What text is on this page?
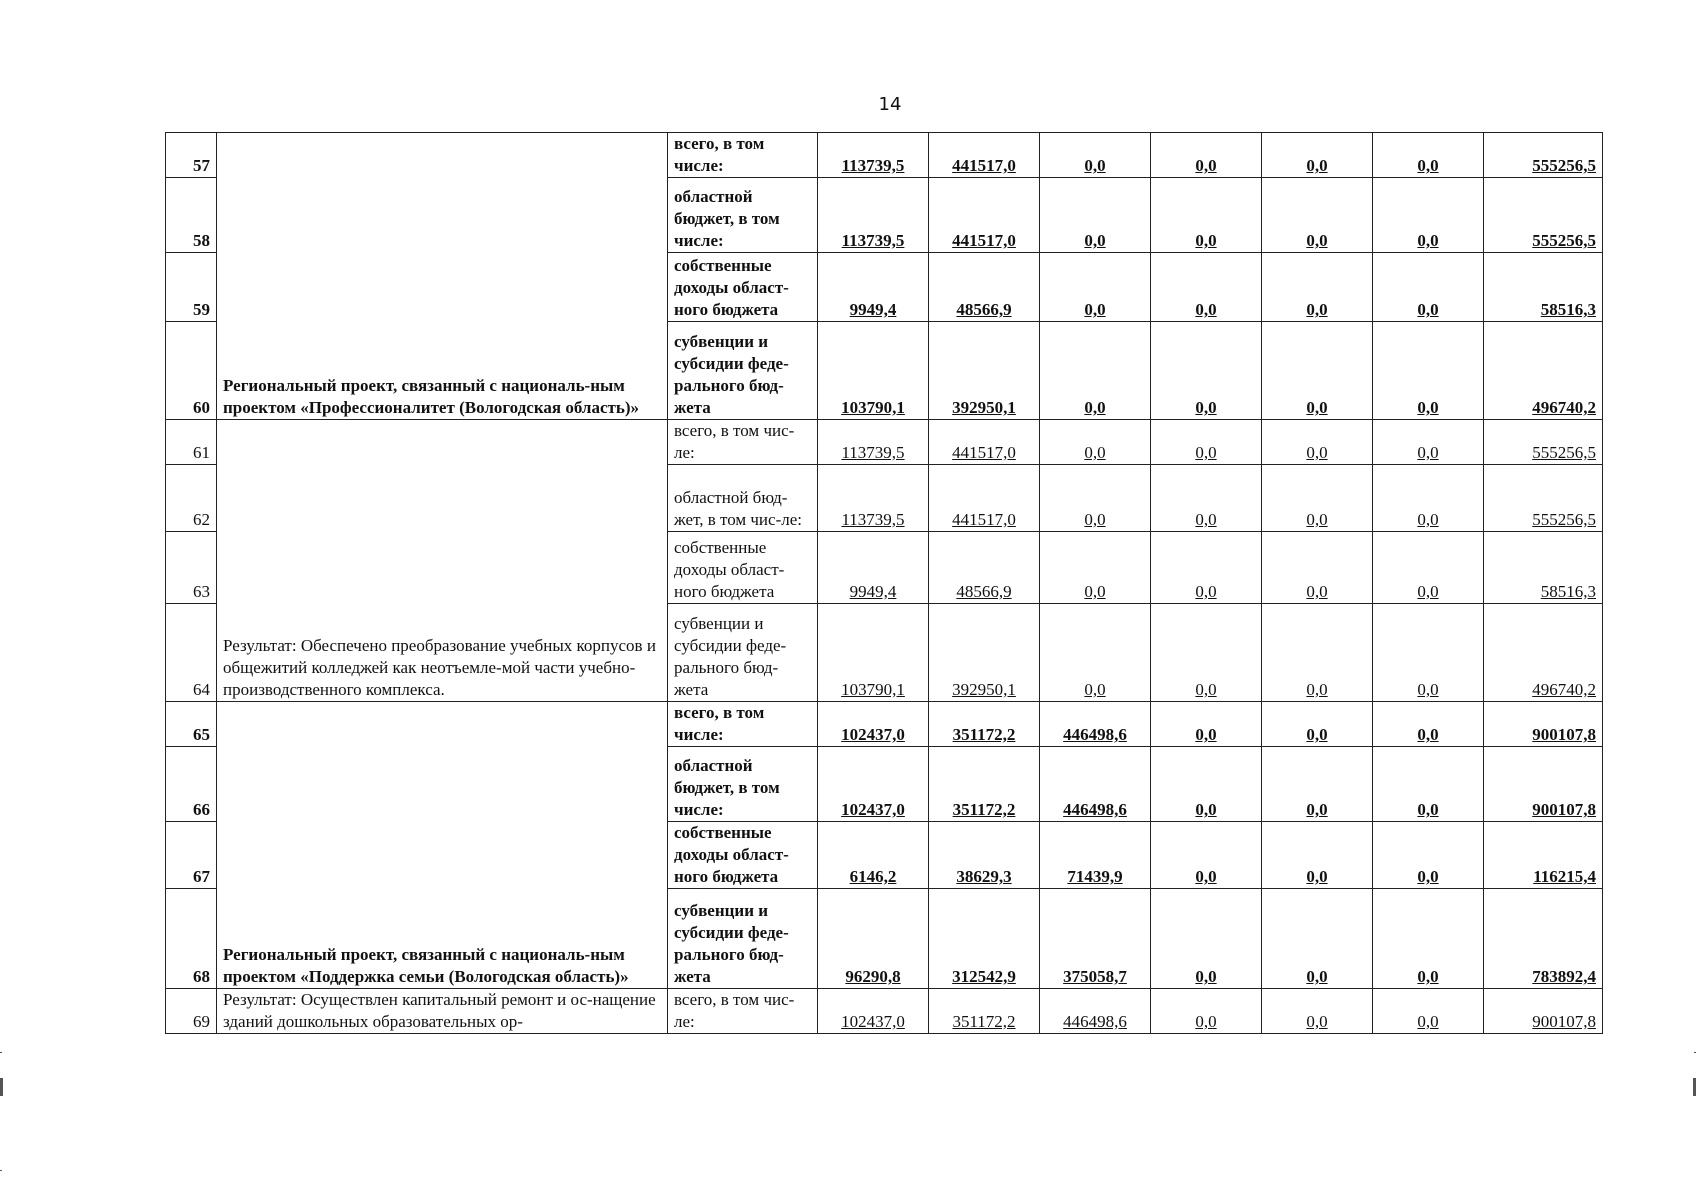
14
57	Региональный проект, связанный с националь-ным проектом «Профессионалитет (Вологодская область)»	всего, в том числе:	113739,5	441517,0	0,0	0,0	0,0	0,0	555256,5
58		областной бюджет, в том числе:	113739,5	441517,0	0,0	0,0	0,0	0,0	555256,5
59		собственные доходы област-ного бюджета	9949,4	48566,9	0,0	0,0	0,0	0,0	58516,3
60		субвенции и субсидии феде-рального бюд-жета	103790,1	392950,1	0,0	0,0	0,0	0,0	496740,2
61	Результат: Обеспечено преобразование учебных корпусов и общежитий колледжей как неотъемле-мой части учебно- производственного комплекса.	всего, в том чис-ле:	113739,5	441517,0	0,0	0,0	0,0	0,0	555256,5
62		областной бюд-жет, в том чис-ле:	113739,5	441517,0	0,0	0,0	0,0	0,0	555256,5
63		собственные доходы област-ного бюджета	9949,4	48566,9	0,0	0,0	0,0	0,0	58516,3
64		субвенции и субсидии феде-рального бюд-жета	103790,1	392950,1	0,0	0,0	0,0	0,0	496740,2
65	Региональный проект, связанный с националь-ным проектом «Поддержка семьи (Вологодская область)»	всего, в том числе:	102437,0	351172,2	446498,6	0,0	0,0	0,0	900107,8
66		областной бюджет, в том числе:	102437,0	351172,2	446498,6	0,0	0,0	0,0	900107,8
67		собственные доходы област-ного бюджета	6146,2	38629,3	71439,9	0,0	0,0	0,0	116215,4
68		субвенции и субсидии феде-рального бюд-жета	96290,8	312542,9	375058,7	0,0	0,0	0,0	783892,4
69	Результат: Осуществлен капитальный ремонт и ос-нащение зданий дошкольных образовательных ор-	всего, в том чис-ле:	102437,0	351172,2	446498,6	0,0	0,0	0,0	900107,8
